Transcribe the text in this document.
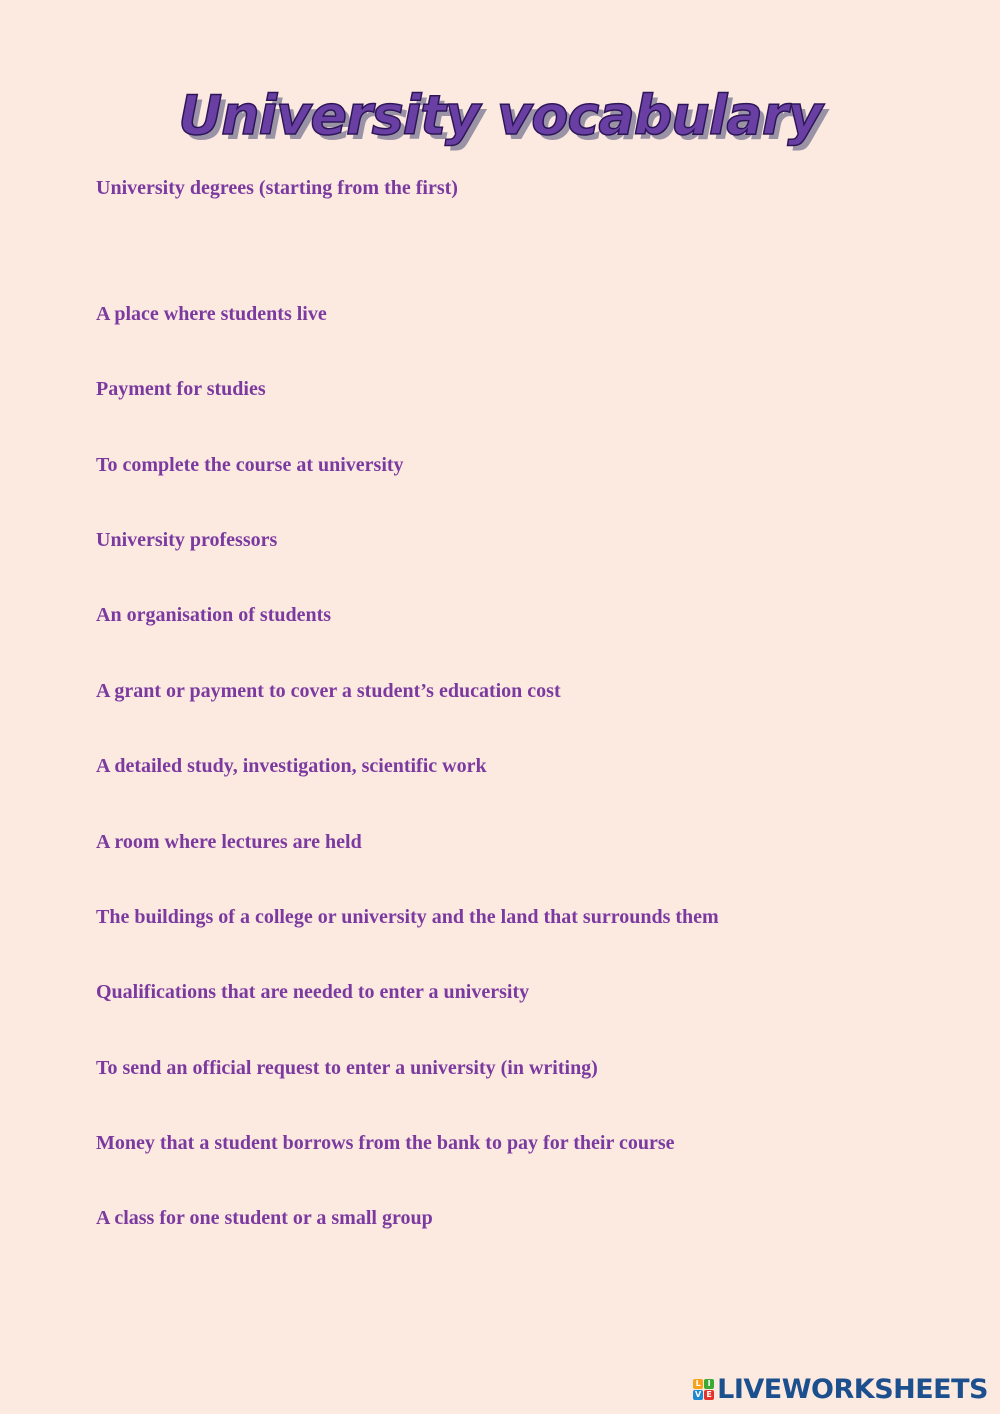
University vocabulary

University degrees (starting from the first)

A place where students live

Payment for studies

To complete the course at university

University professors

An organisation of students

A grant or payment to cover a student’s education cost

A detailed study, investigation, scientific work

A room where lectures are held

The buildings of a college or university and the land that surrounds them

Qualifications that are needed to enter a university

To send an official request to enter a university (in writing)

Money that a student borrows from the bank to pay for their course

A class for one student or a small group

L I
V E LIVEWORKSHEETS
